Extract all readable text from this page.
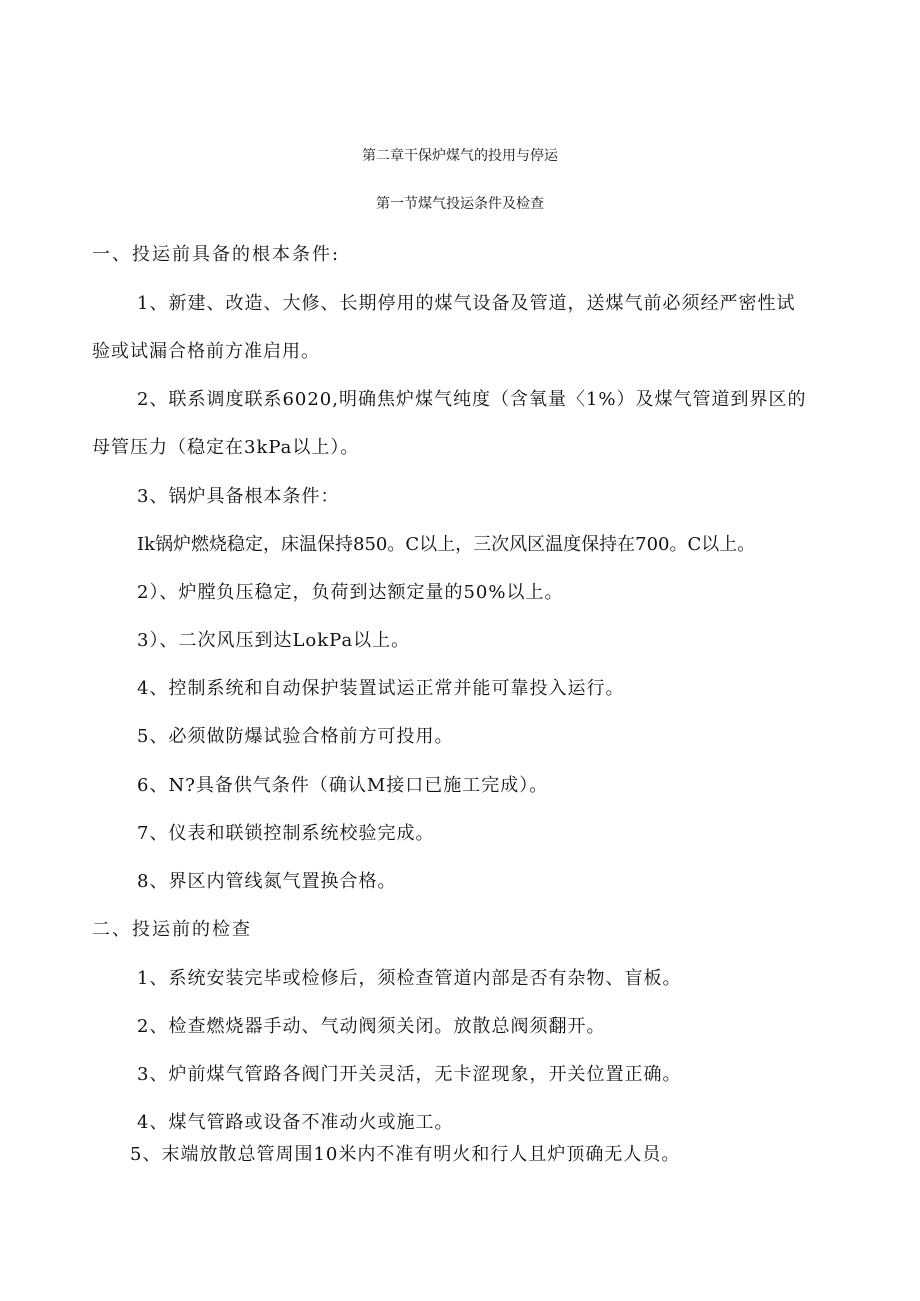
第二章干保炉煤气的投用与停运
第一节煤气投运条件及检查
一、投运前具备的根本条件:
1、新建、改造、大修、长期停用的煤气设备及管道，送煤气前必须经严密性试
验或试漏合格前方准启用。
2、联系调度联系6020,明确焦炉煤气纯度（含氧量〈1%）及煤气管道到界区的
母管压力（稳定在3kPa以上）。
3、锅炉具备根本条件：
Ik锅炉燃烧稳定，床温保持850。C以上，三次风区温度保持在700。C以上。
2）、炉膛负压稳定，负荷到达额定量的50%以上。
3）、二次风压到达LokPa以上。
4、控制系统和自动保护装置试运正常并能可靠投入运行。
5、必须做防爆试验合格前方可投用。
6、N?具备供气条件（确认M接口已施工完成）。
7、仪表和联锁控制系统校验完成。
8、界区内管线氮气置换合格。
二、投运前的检查
1、系统安装完毕或检修后，须检查管道内部是否有杂物、盲板。
2、检查燃烧器手动、气动阀须关闭。放散总阀须翻开。
3、炉前煤气管路各阀门开关灵活，无卡涩现象，开关位置正确。
4、煤气管路或设备不准动火或施工。
5、末端放散总管周围10米内不准有明火和行人且炉顶确无人员。
